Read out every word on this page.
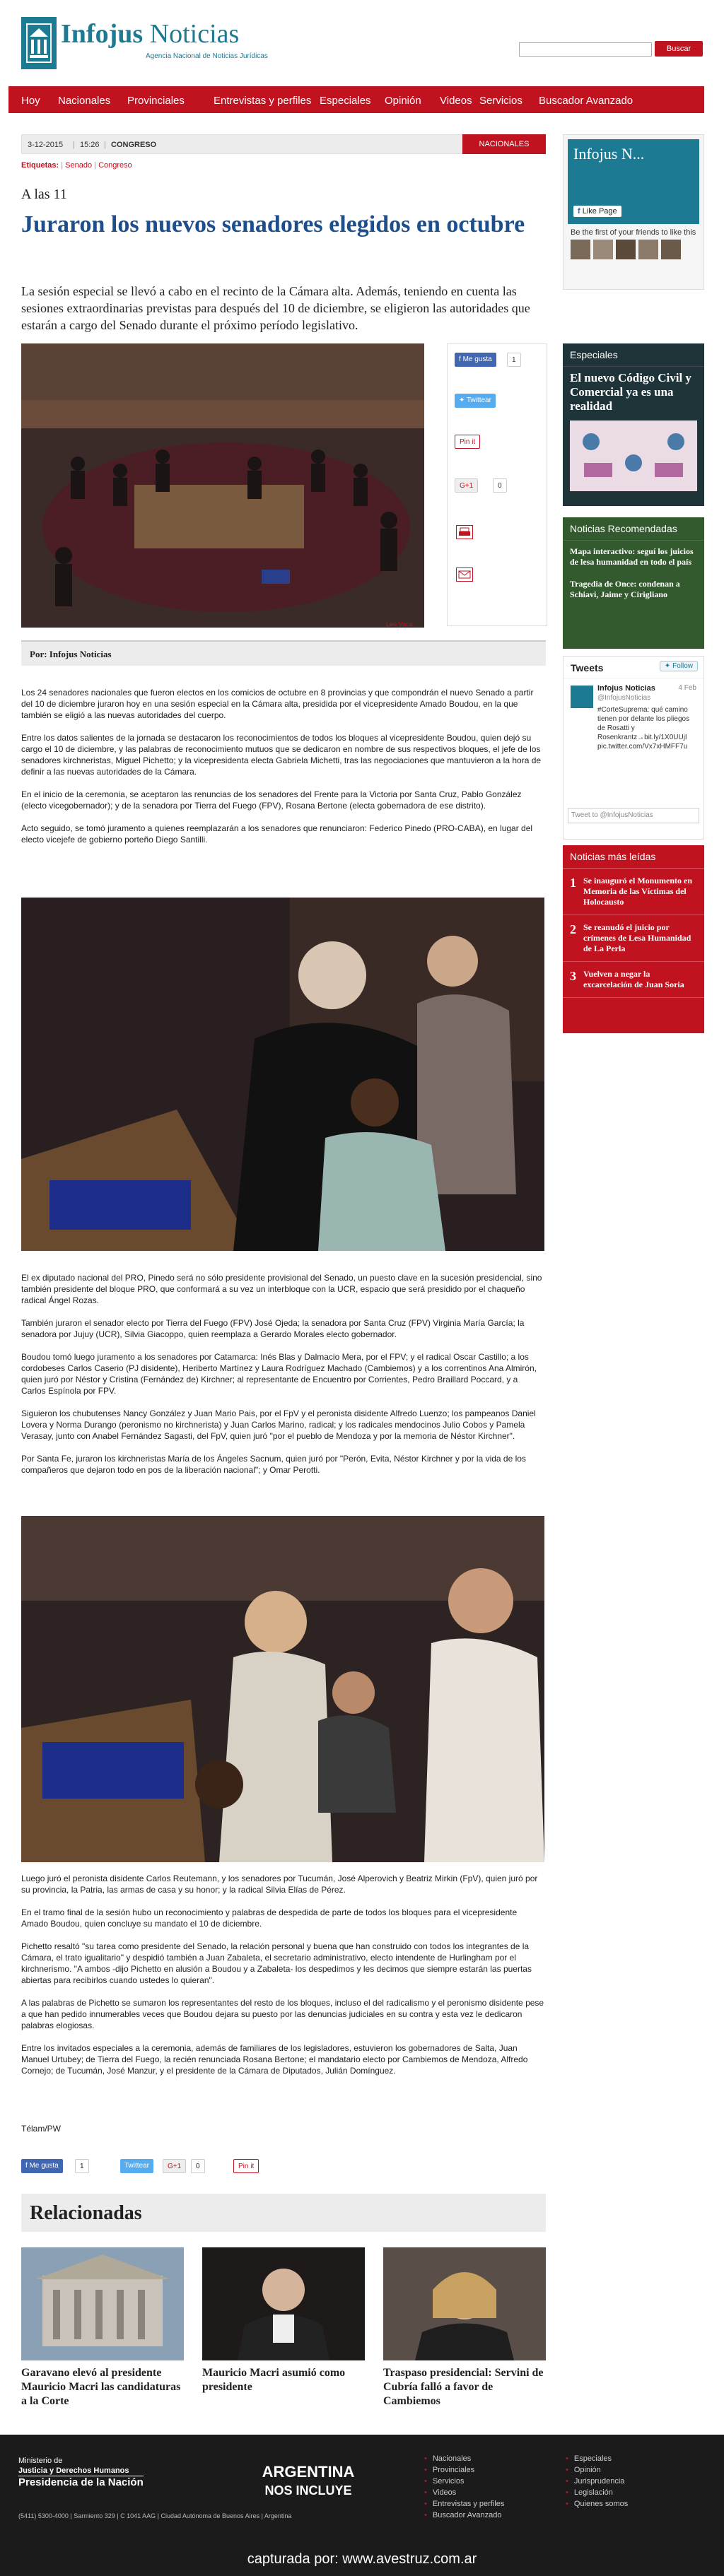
Infojus Noticias
Agencia Nacional de Noticias Jurídicas
Buscar
Hoy Nacionales Provinciales	Entrevistas y perfiles Especiales Opinión Videos Servicios Buscador Avanzado
3-12-2015 | 15:26 | CONGRESO	NACIONALES
Etiquetas: | Senado | Congreso
A las 11
Juraron los nuevos senadores elegidos en octubre
La sesión especial se llevó a cabo en el recinto de la Cámara alta. Además, teniendo en cuenta las sesiones extraordinarias previstas para después del 10 de diciembre, se eligieron las autoridades que estarán a cargo del Senado durante el próximo período legislativo.
Leo Vaca
f Me gusta	1
✦ Twittear
Pin it
G+1	0
Por: Infojus Noticias

Los 24 senadores nacionales que fueron electos en los comicios de octubre en 8 provincias y que compondrán el nuevo Senado a partir del 10 de diciembre juraron hoy en una sesión especial en la Cámara alta, presidida por el vicepresidente Amado Boudou, en la que también se eligió a las nuevas autoridades del cuerpo.

Entre los datos salientes de la jornada se destacaron los reconocimientos de todos los bloques al vicepresidente Boudou, quien dejó su cargo el 10 de diciembre, y las palabras de reconocimiento mutuos que se dedicaron en nombre de sus respectivos bloques, el jefe de los senadores kirchneristas, Miguel Pichetto; y la vicepresidenta electa Gabriela Michetti, tras las negociaciones que mantuvieron a la hora de definir a las nuevas autoridades de la Cámara.

En el inicio de la ceremonia, se aceptaron las renuncias de los senadores del Frente para la Victoria por Santa Cruz, Pablo González (electo vicegobernador); y de la senadora por Tierra del Fuego (FPV), Rosana Bertone (electa gobernadora de ese distrito).

Acto seguido, se tomó juramento a quienes reemplazarán a los senadores que renunciaron: Federico Pinedo (PRO-CABA), en lugar del electo vicejefe de gobierno porteño Diego Santilli.

El ex diputado nacional del PRO, Pinedo será no sólo presidente provisional del Senado, un puesto clave en la sucesión presidencial, sino también presidente del bloque PRO, que conformará a su vez un interbloque con la UCR, espacio que será presidido por el chaqueño radical Ángel Rozas.

También juraron el senador electo por Tierra del Fuego (FPV) José Ojeda; la senadora por Santa Cruz (FPV) Virginia María García; la senadora por Jujuy (UCR), Silvia Giacoppo, quien reemplaza a Gerardo Morales electo gobernador.

Boudou tomó luego juramento a los senadores por Catamarca: Inés Blas y Dalmacio Mera, por el FPV; y el radical Oscar Castillo; a los cordobeses Carlos Caserio (PJ disidente), Heriberto Martínez y Laura Rodríguez Machado (Cambiemos) y a los correntinos Ana Almirón, quien juró por Néstor y Cristina (Fernández de) Kirchner; al representante de Encuentro por Corrientes, Pedro Braillard Poccard, y a Carlos Espínola por FPV.

Siguieron los chubutenses Nancy González y Juan Mario Pais, por el FpV y el peronista disidente Alfredo Luenzo; los pampeanos Daniel Lovera y Norma Durango (peronismo no kirchnerista) y Juan Carlos Marino, radical; y los radicales mendocinos Julio Cobos y Pamela Verasay, junto con Anabel Fernández Sagasti, del FpV, quien juró "por el pueblo de Mendoza y por la memoria de Néstor Kirchner".

Por Santa Fe, juraron los kirchneristas María de los Ángeles Sacnum, quien juró por "Perón, Evita, Néstor Kirchner y por la vida de los compañeros que dejaron todo en pos de la liberación nacional"; y Omar Perotti.

Luego juró el peronista disidente Carlos Reutemann, y los senadores por Tucumán, José Alperovich y Beatriz Mirkin (FpV), quien juró por su provincia, la Patria, las armas de casa y su honor; y la radical Silvia Elías de Pérez.

En el tramo final de la sesión hubo un reconocimiento y palabras de despedida de parte de todos los bloques para el vicepresidente Amado Boudou, quien concluye su mandato el 10 de diciembre.

Pichetto resaltó "su tarea como presidente del Senado, la relación personal y buena que han construido con todos los integrantes de la Cámara, el trato igualitario" y despidió también a Juan Zabaleta, el secretario administrativo, electo intendente de Hurlingham por el kirchnerismo. "A ambos -dijo Pichetto en alusión a Boudou y a Zabaleta- los despedimos y les decimos que siempre estarán las puertas abiertas para recibirlos cuando ustedes lo quieran".

A las palabras de Pichetto se sumaron los representantes del resto de los bloques, incluso el del radicalismo y el peronismo disidente pese a que han pedido innumerables veces que Boudou dejara su puesto por las denuncias judiciales en su contra y esta vez le dedicaron palabras elogiosas.

Entre los invitados especiales a la ceremonia, además de familiares de los legisladores, estuvieron los gobernadores de Salta, Juan Manuel Urtubey; de Tierra del Fuego, la recién renunciada Rosana Bertone; el mandatario electo por Cambiemos de Mendoza, Alfredo Cornejo; de Tucumán, José Manzur, y el presidente de la Cámara de Diputados, Julián Domínguez.

Télam/PW
f Me gusta	1	Twittear	G+1	0	Pin it
Relacionadas
Garavano elevó al presidente Mauricio Macri las candidaturas a la Corte
Mauricio Macri asumió como presidente
Traspaso presidencial: Servini de Cubría falló a favor de Cambiemos
Infojus N...
f Like Page
Be the first of your friends to like this
Especiales
El nuevo Código Civil y Comercial ya es una realidad
Noticias Recomendadas
Mapa interactivo: seguí los juicios de lesa humanidad en todo el país
Tragedia de Once: condenan a Schiavi, Jaime y Cirigliano
Tweets	✦ Follow
Infojus Noticias	4 Feb
@InfojusNoticias
#CorteSuprema: qué camino tienen por delante los pliegos de Rosatti y Rosenkrantz→bit.ly/1X0UUjI pic.twitter.com/Vx7xHMFF7u
Tweet to @InfojusNoticias
Noticias más leídas
1 Se inauguró el Monumento en Memoria de las Víctimas del Holocausto
2 Se reanudó el juicio por crímenes de Lesa Humanidad de La Perla
3 Vuelven a negar la excarcelación de Juan Soria
Ministerio de
Justicia y Derechos Humanos
Presidencia de la Nación
ARGENTINA
NOS INCLUYE
(5411) 5300-4000 | Sarmiento 329 | C 1041 AAG | Ciudad Autónoma de Buenos Aires | Argentina
• Nacionales
• Provinciales
• Servicios
• Videos
• Entrevistas y perfiles
• Buscador Avanzado
• Especiales
• Opinión
• Jurisprudencia
• Legislación
• Quienes somos
capturada por: www.avestruz.com.ar
